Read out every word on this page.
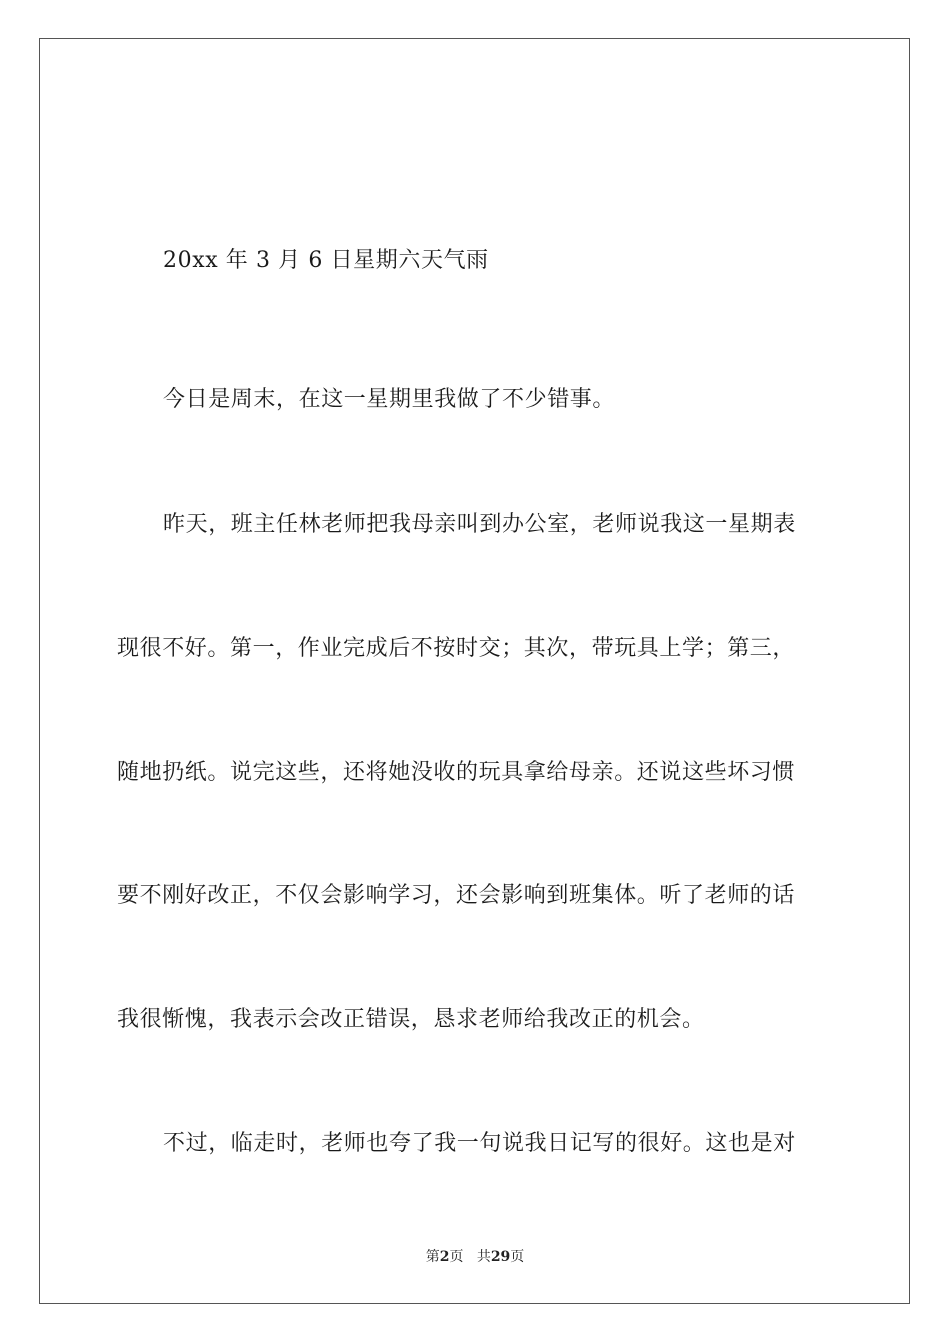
20xx 年 3 月 6 日星期六天气雨
今日是周末，在这一星期里我做了不少错事。
昨天，班主任林老师把我母亲叫到办公室，老师说我这一星期表
现很不好。第一，作业完成后不按时交；其次，带玩具上学；第三，
随地扔纸。说完这些，还将她没收的玩具拿给母亲。还说这些坏习惯
要不刚好改正，不仅会影响学习，还会影响到班集体。听了老师的话
我很惭愧，我表示会改正错误，恳求老师给我改正的机会。
不过，临走时，老师也夸了我一句说我日记写的很好。这也是对
第2页 共29页
